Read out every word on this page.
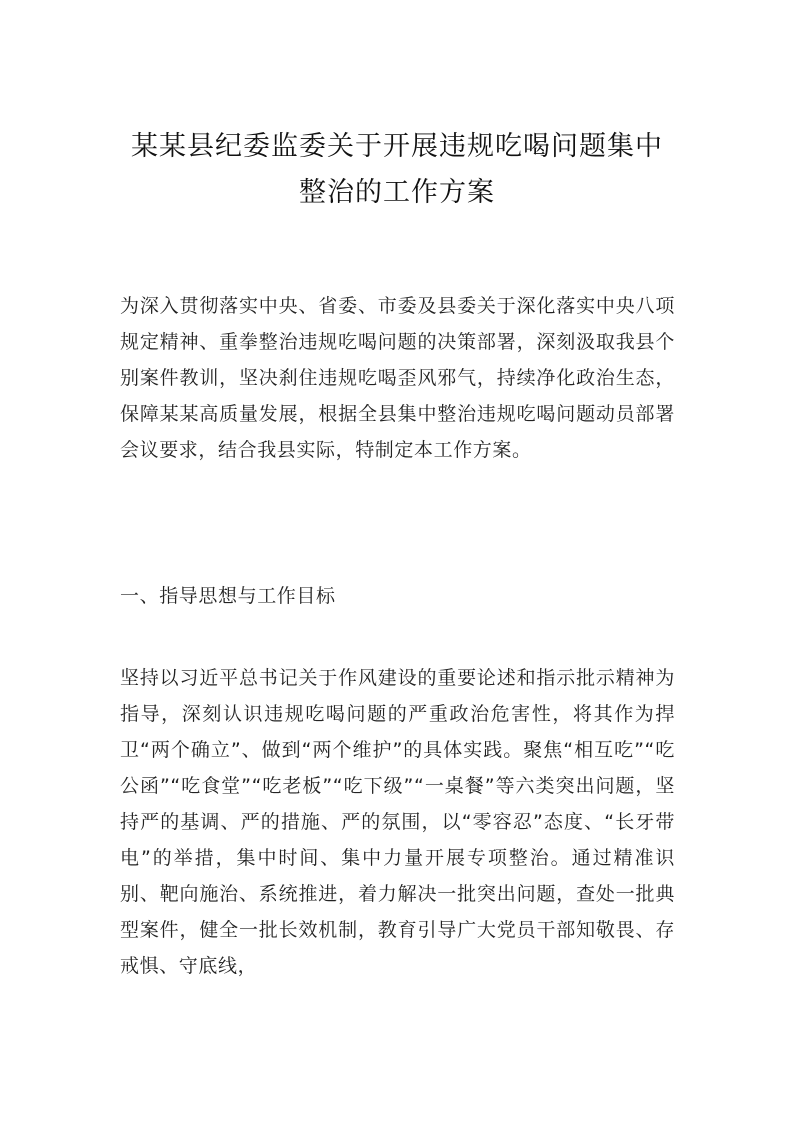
某某县纪委监委关于开展违规吃喝问题集中整治的工作方案

为深入贯彻落实中央、省委、市委及县委关于深化落实中央八项规定精神、重拳整治违规吃喝问题的决策部署，深刻汲取我县个别案件教训，坚决刹住违规吃喝歪风邪气，持续净化政治生态，保障某某高质量发展，根据全县集中整治违规吃喝问题动员部署会议要求，结合我县实际，特制定本工作方案。

一、指导思想与工作目标

坚持以习近平总书记关于作风建设的重要论述和指示批示精神为指导，深刻认识违规吃喝问题的严重政治危害性，将其作为捍卫“两个确立”、做到“两个维护”的具体实践。聚焦“相互吃”“吃公函”“吃食堂”“吃老板”“吃下级”“一桌餐”等六类突出问题，坚持严的基调、严的措施、严的氛围，以“零容忍”态度、“长牙带电”的举措，集中时间、集中力量开展专项整治。通过精准识别、靶向施治、系统推进，着力解决一批突出问题，查处一批典型案件，健全一批长效机制，教育引导广大党员干部知敬畏、存戒惧、守底线，
